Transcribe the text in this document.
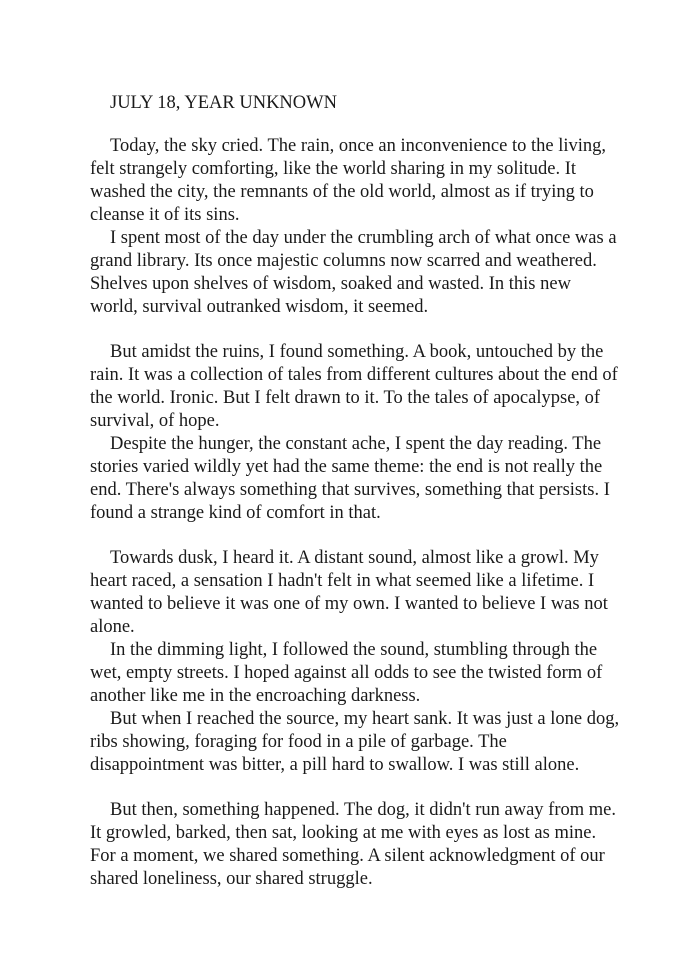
JULY 18, YEAR UNKNOWN

Today, the sky cried. The rain, once an inconvenience to the living, felt strangely comforting, like the world sharing in my solitude. It washed the city, the remnants of the old world, almost as if trying to cleanse it of its sins.

I spent most of the day under the crumbling arch of what once was a grand library. Its once majestic columns now scarred and weathered. Shelves upon shelves of wisdom, soaked and wasted. In this new world, survival outranked wisdom, it seemed.

But amidst the ruins, I found something. A book, untouched by the rain. It was a collection of tales from different cultures about the end of the world. Ironic. But I felt drawn to it. To the tales of apocalypse, of survival, of hope.

Despite the hunger, the constant ache, I spent the day reading. The stories varied wildly yet had the same theme: the end is not really the end. There's always something that survives, something that persists. I found a strange kind of comfort in that.

Towards dusk, I heard it. A distant sound, almost like a growl. My heart raced, a sensation I hadn't felt in what seemed like a lifetime. I wanted to believe it was one of my own. I wanted to believe I was not alone.

In the dimming light, I followed the sound, stumbling through the wet, empty streets. I hoped against all odds to see the twisted form of another like me in the encroaching darkness.

But when I reached the source, my heart sank. It was just a lone dog, ribs showing, foraging for food in a pile of garbage. The disappointment was bitter, a pill hard to swallow. I was still alone.

But then, something happened. The dog, it didn't run away from me. It growled, barked, then sat, looking at me with eyes as lost as mine. For a moment, we shared something. A silent acknowledgment of our shared loneliness, our shared struggle.
